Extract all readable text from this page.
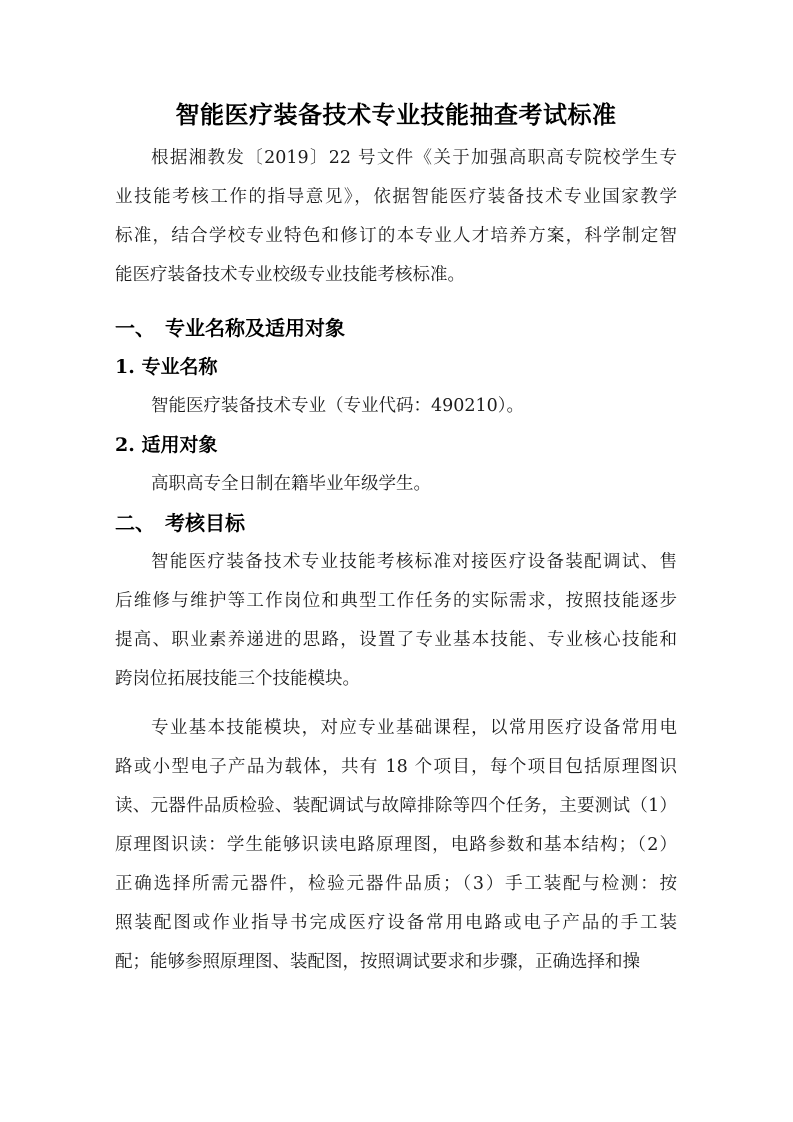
智能医疗装备技术专业技能抽查考试标准
根据湘教发〔2019〕22 号文件《关于加强高职高专院校学生专
业技能考核工作的指导意见》，依据智能医疗装备技术专业国家教学
标准，结合学校专业特色和修订的本专业人才培养方案，科学制定智
能医疗装备技术专业校级专业技能考核标准。
一、　专业名称及适用对象
1. 专业名称
智能医疗装备技术专业（专业代码：490210）。
2. 适用对象
高职高专全日制在籍毕业年级学生。
二、　考核目标
智能医疗装备技术专业技能考核标准对接医疗设备装配调试、售
后维修与维护等工作岗位和典型工作任务的实际需求，按照技能逐步
提高、职业素养递进的思路，设置了专业基本技能、专业核心技能和
跨岗位拓展技能三个技能模块。
专业基本技能模块，对应专业基础课程，以常用医疗设备常用电
路或小型电子产品为载体，共有 18 个项目，每个项目包括原理图识
读、元器件品质检验、装配调试与故障排除等四个任务，主要测试（1）
原理图识读：学生能够识读电路原理图，电路参数和基本结构；（2）
正确选择所需元器件，检验元器件品质；（3）手工装配与检测：按
照装配图或作业指导书完成医疗设备常用电路或电子产品的手工装
配；能够参照原理图、装配图，按照调试要求和步骤，正确选择和操
